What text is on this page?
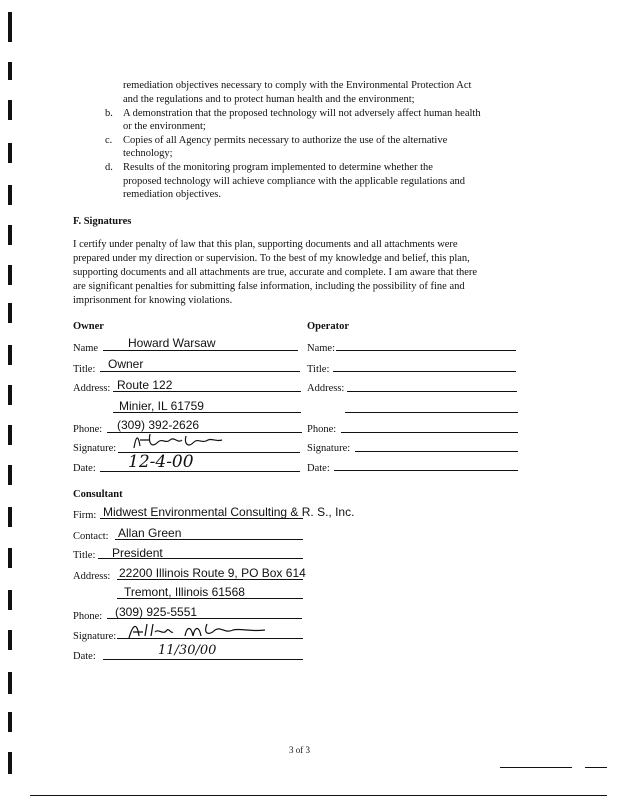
remediation objectives necessary to comply with the Environmental Protection Act
and the regulations and to protect human health and the environment;
b. A demonstration that the proposed technology will not adversely affect human health
or the environment;
c. Copies of all Agency permits necessary to authorize the use of the alternative
technology;
d. Results of the monitoring program implemented to determine whether the
proposed technology will achieve compliance with the applicable regulations and
remediation objectives.
F. Signatures
I certify under penalty of law that this plan, supporting documents and all attachments were
prepared under my direction or supervision. To the best of my knowledge and belief, this plan,
supporting documents and all attachments are true, accurate and complete. I am aware that there
are significant penalties for submitting false information, including the possibility of fine and
imprisonment for knowing violations.
Owner
Name Howard Warsaw
Title: Owner
Address: Route 122
Minier, IL 61759
Phone: (309) 392-2626
Signature:
Date: 12-4-00
Operator
Name:
Title:
Address:
Phone:
Signature:
Date:
Consultant
Firm: Midwest Environmental Consulting & R. S., Inc.
Contact: Allan Green
Title: President
Address: 22200 Illinois Route 9, PO Box 614
Tremont, Illinois 61568
Phone: (309) 925-5551
Signature:
Date:	11/30/00
3 of 3
